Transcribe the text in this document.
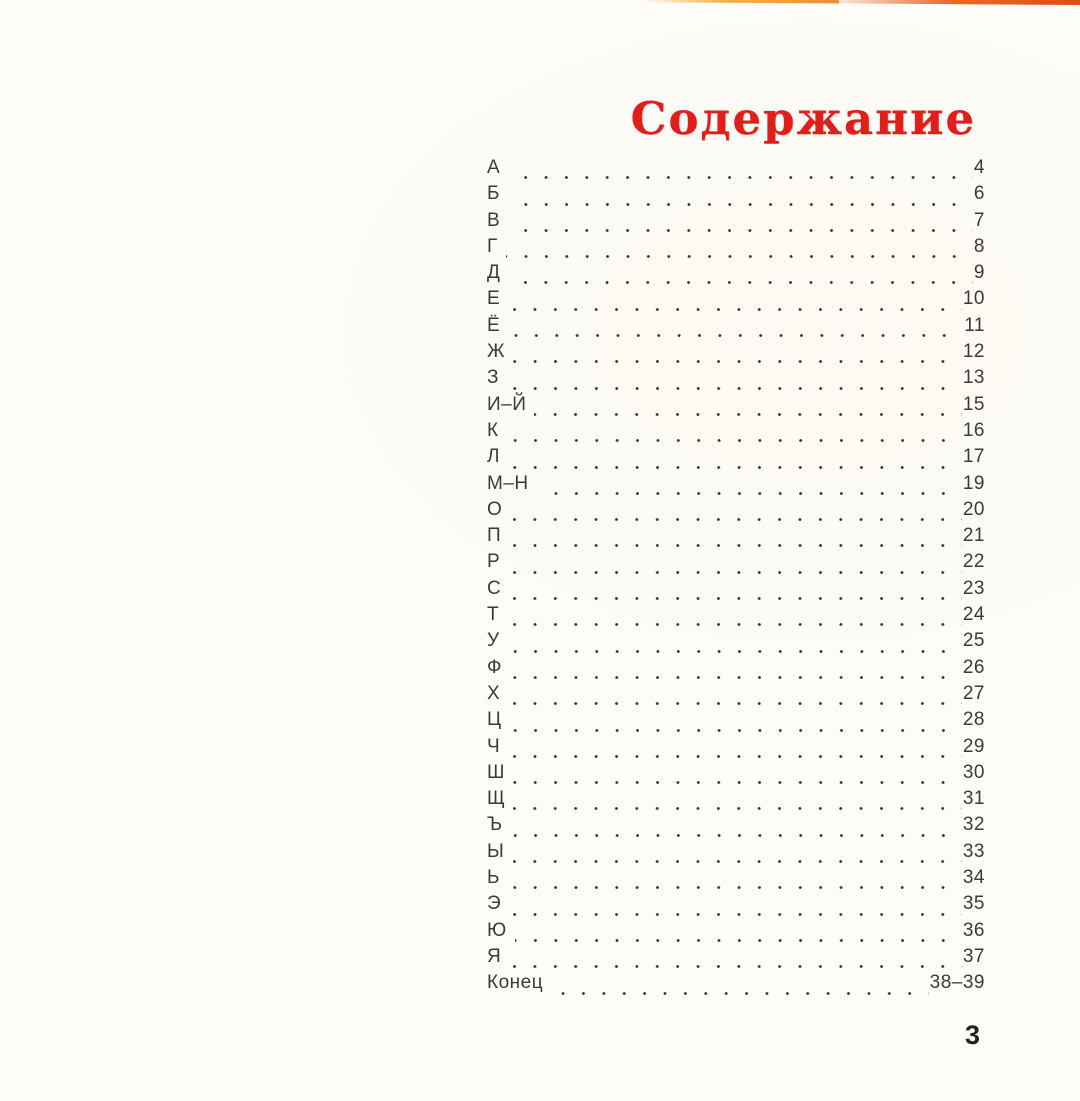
Содержание
А	4
Б	6
В	7
Г	8
Д	9
Е	10
Ё	11
Ж	12
З	13
И–Й	15
К	16
Л	17
М–Н	19
О	20
П	21
Р	22
С	23
Т	24
У	25
Ф	26
Х	27
Ц	28
Ч	29
Ш	30
Щ	31
Ъ	32
Ы	33
Ь	34
Э	35
Ю	36
Я	37
Конец	38–39
3
